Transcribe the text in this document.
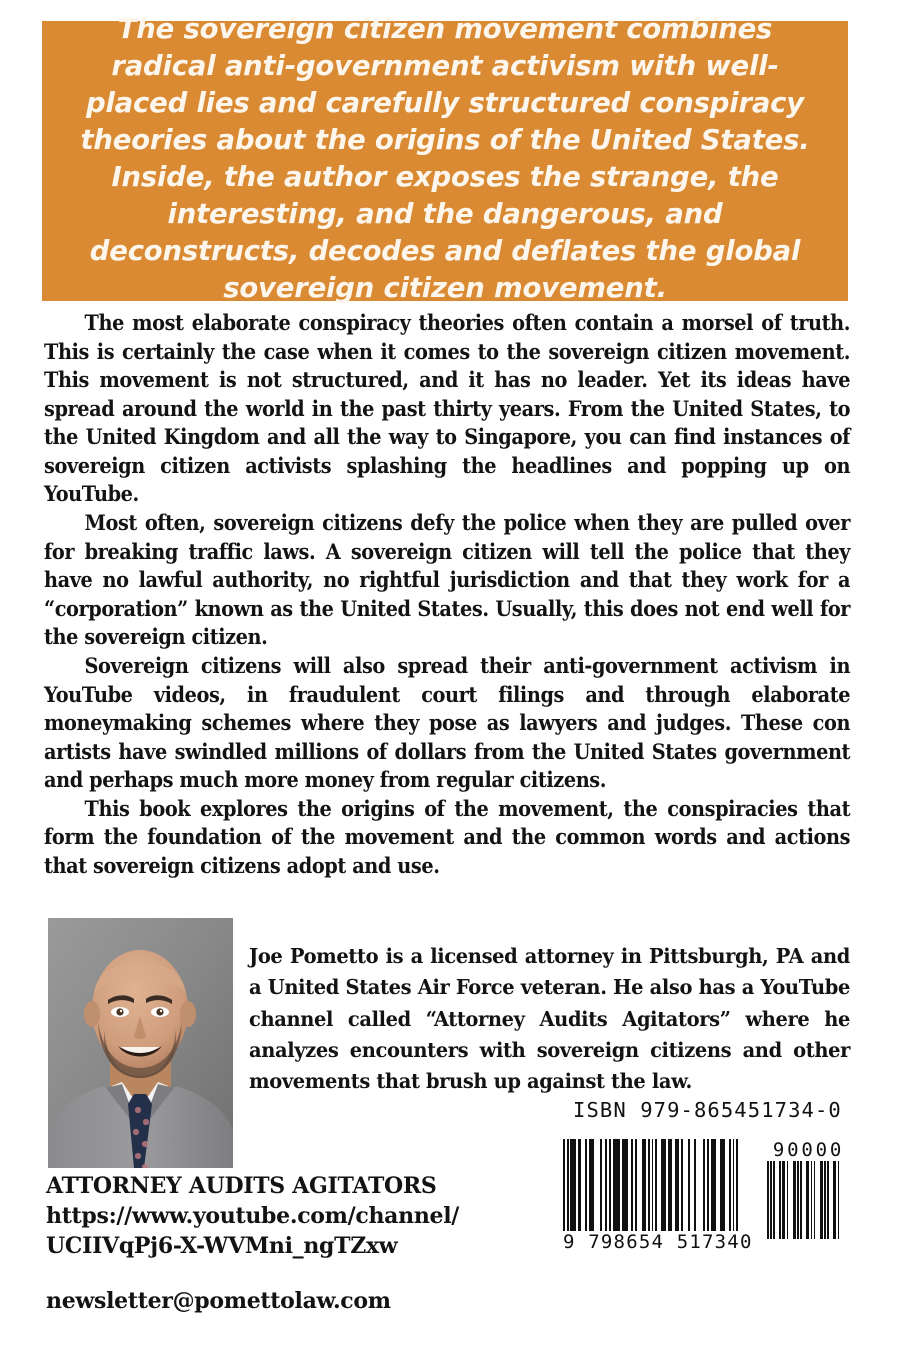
The sovereign citizen movement combines radical anti-government activism with well-placed lies and carefully structured conspiracy theories about the origins of the United States. Inside, the author exposes the strange, the interesting, and the dangerous, and deconstructs, decodes and deflates the global sovereign citizen movement.

The most elaborate conspiracy theories often contain a morsel of truth. This is certainly the case when it comes to the sovereign citizen movement. This movement is not structured, and it has no leader. Yet its ideas have spread around the world in the past thirty years. From the United States, to the United Kingdom and all the way to Singapore, you can find instances of sovereign citizen activists splashing the headlines and popping up on YouTube.

Most often, sovereign citizens defy the police when they are pulled over for breaking traffic laws. A sovereign citizen will tell the police that they have no lawful authority, no rightful jurisdiction and that they work for a “corporation” known as the United States. Usually, this does not end well for the sovereign citizen.

Sovereign citizens will also spread their anti-government activism in YouTube videos, in fraudulent court filings and through elaborate moneymaking schemes where they pose as lawyers and judges. These con artists have swindled millions of dollars from the United States government and perhaps much more money from regular citizens.

This book explores the origins of the movement, the conspiracies that form the foundation of the movement and the common words and actions that sovereign citizens adopt and use.

Joe Pometto is a licensed attorney in Pittsburgh, PA and a United States Air Force veteran. He also has a YouTube channel called “Attorney Audits Agitators” where he analyzes encounters with sovereign citizens and other movements that brush up against the law.
ATTORNEY AUDITS AGITATORS
https://www.youtube.com/channel/
UCIIVqPj6-X-WVMni_ngTZxw
newsletter@pomettolaw.com
ISBN 979-865451734-0
9 798654 517340
90000
